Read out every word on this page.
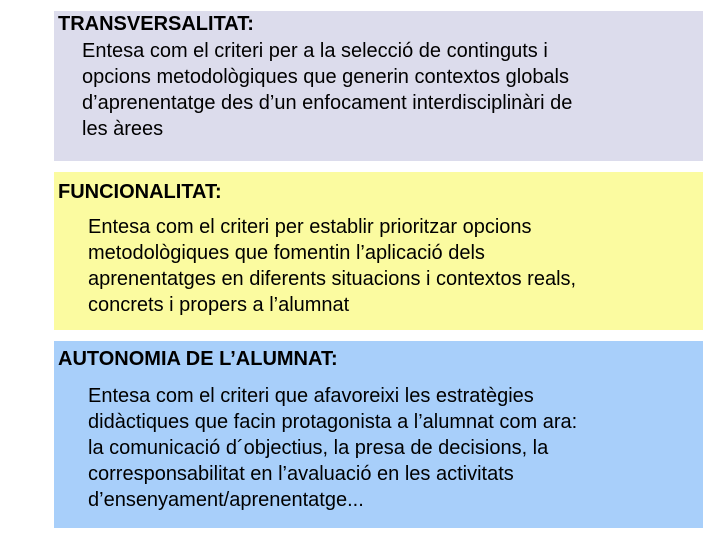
TRANSVERSALITAT:
Entesa com el criteri per a la selecció de continguts i
opcions metodològiques que generin contextos globals
d’aprenentatge des d’un enfocament interdisciplinàri de
les àrees
FUNCIONALITAT:
Entesa com el criteri per establir prioritzar opcions
metodològiques que fomentin l’aplicació dels
aprenentatges en diferents situacions i contextos reals,
concrets i propers a l’alumnat
AUTONOMIA DE L’ALUMNAT:
Entesa com el criteri que afavoreixi les estratègies
didàctiques que facin protagonista a l’alumnat com ara:
la comunicació d´objectius, la presa de decisions, la
corresponsabilitat en l’avaluació en les activitats
d’ensenyament/aprenentatge...
